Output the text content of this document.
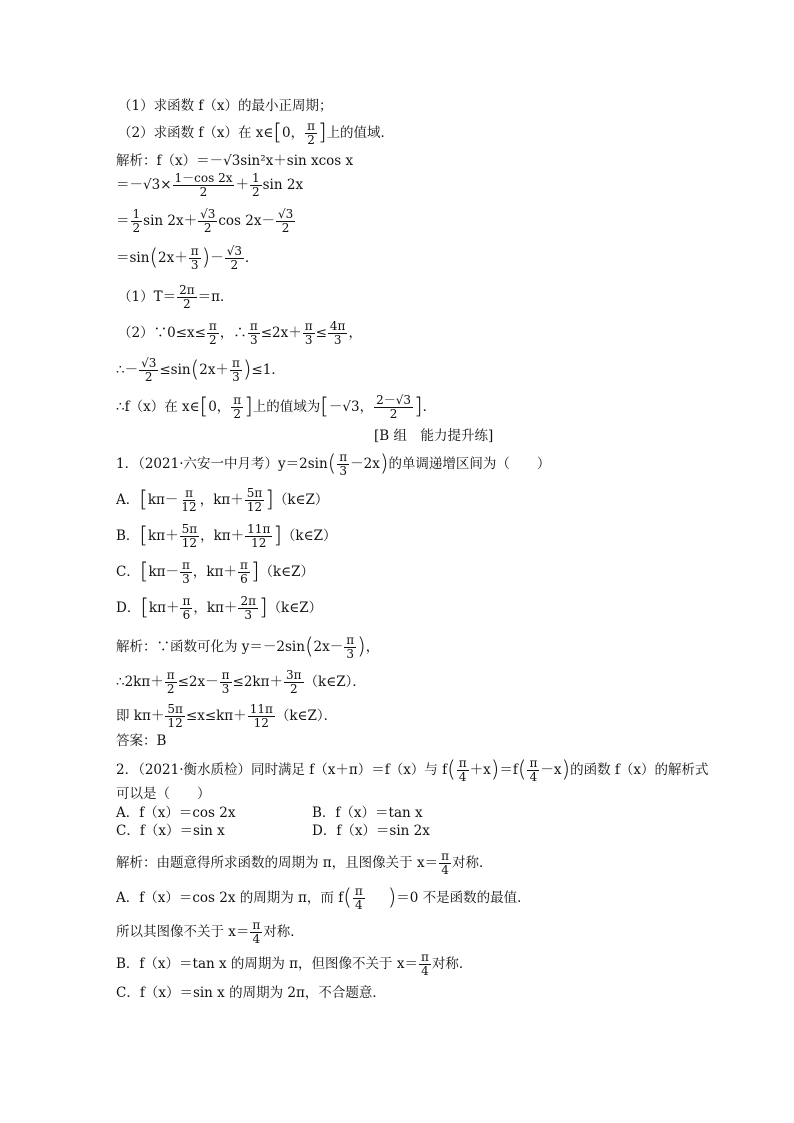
（1）求函数 f（x）的最小正周期；
（2）求函数 f（x）在 x∈[0， $\frac{\pi}{2}$ ]上的值域．
解析：f（x）＝－√3sin²x＋sin xcos x
$=-√3\times \frac{1-\cos 2x}{2} + \frac{1}{2}$ sin 2x
＝ $\frac{1}{2}$ $\sin 2x+ \frac{√3}{2}$ $\cos 2x- \frac{√3}{2}$
$=\sin(2x+ \frac{\pi}{3}$ )－ $\frac{√3}{2}$ ．
$(1)T= \frac{2\pi}{2} =\pi$．
（2）∵0≤x≤ $\frac{\pi}{2}$ ，∴ $\frac{\pi}{3} \le 2x+ \frac{\pi}{3} \le \frac{4\pi}{3}$ ，
∴－ $\frac{√3}{2} \le\sin(2x+ \frac{\pi}{3} )\le 1$．
∴f（x）在 x∈[0， $\frac{\pi}{2}$ ]上的值域为[－√3， $\frac{2-√3}{2}$ ]．
[B 组　能力提升练]
1．（2021·六安一中月考）$y=2\sin( \frac{\pi}{3} -2x)$的单调递增区间为（　　）
A．[$k\pi- \frac{\pi}{12}$ ，$k\pi+ \frac{5\pi}{12}$ ]（k∈Z）
B．[$k\pi+ \frac{5\pi}{12}$ ，$k\pi+ \frac{11\pi}{12}$ ]（k∈Z）
C．[$k\pi- \frac{\pi}{3}$ ，$k\pi+ \frac{\pi}{6}$ ]（k∈Z）
D．[$k\pi+ \frac{\pi}{6}$ ，$k\pi+ \frac{2\pi}{3}$ ]（k∈Z）
解析：∵函数可化为 $y=-2\sin(2x- \frac{\pi}{3}$ )，
∴2kπ＋ $\frac{\pi}{2} \le 2x- \frac{\pi}{3} \le 2k\pi+ \frac{3\pi}{2}$ （k∈Z）．
即 $k\pi+ \frac{5\pi}{12} \le x\le k\pi+ \frac{11\pi}{12}$ （k∈Z）．
答案：B
2．（2021·衡水质检）同时满足 f（x＋π）＝f（x）与 $f( \frac{\pi}{4} +x)=f( \frac{\pi}{4} -x)$的函数 f（x）的解析式
可以是（　　）
A．f（x）＝cos 2x	B．f（x）＝tan x
C．f（x）＝sin x	D．f（x）＝sin 2x
解析：由题意得所求函数的周期为 π，且图像关于 $x= \frac{\pi}{4}$ 对称．
A．f（x）＝cos 2x 的周期为 π，而 $f( \frac{\pi}{4} )=0$ 不是函数的最值．
所以其图像不关于 $x= \frac{\pi}{4}$ 对称．
B．f（x）＝tan x 的周期为 π，但图像不关于 $x= \frac{\pi}{4}$ 对称．
C．f（x）＝sin x 的周期为 2π，不合题意．
